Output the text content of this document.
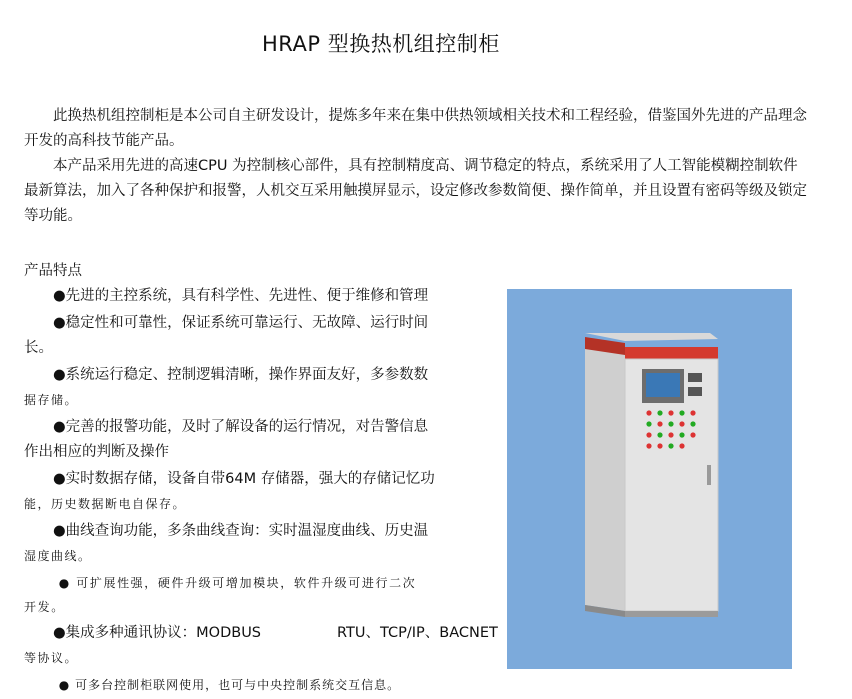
HRAP 型换热机组控制柜

此换热机组控制柜是本公司自主研发设计，提炼多年来在集中供热领域相关技术和工程经验，借鉴国外先进的产品理念开发的高科技节能产品。

本产品采用先进的高速CPU 为控制核心部件，具有控制精度高、调节稳定的特点，系统采用了人工智能模糊控制软件最新算法，加入了各种保护和报警，人机交互采用触摸屏显示，设定修改参数简便、操作简单，并且设置有密码等级及锁定等功能。

产品特点
●先进的主控系统，具有科学性、先进性、便于维修和管理
●稳定性和可靠性，保证系统可靠运行、无故障、运行时间
长。
●系统运行稳定、控制逻辑清晰，操作界面友好，多参数数
据存储。
●完善的报警功能，及时了解设备的运行情况，对告警信息
作出相应的判断及操作
●实时数据存储，设备自带64M 存储器，强大的存储记忆功
能，历史数据断电自保存。
●曲线查询功能，多条曲线查询：实时温湿度曲线、历史温
湿度曲线。
● 可扩展性强，硬件升级可增加模块，软件升级可进行二次
开发。
●集成多种通讯协议：MODBUS	RTU、TCP/IP、BACNET
等协议。
● 可多台控制柜联网使用，也可与中央控制系统交互信息。
